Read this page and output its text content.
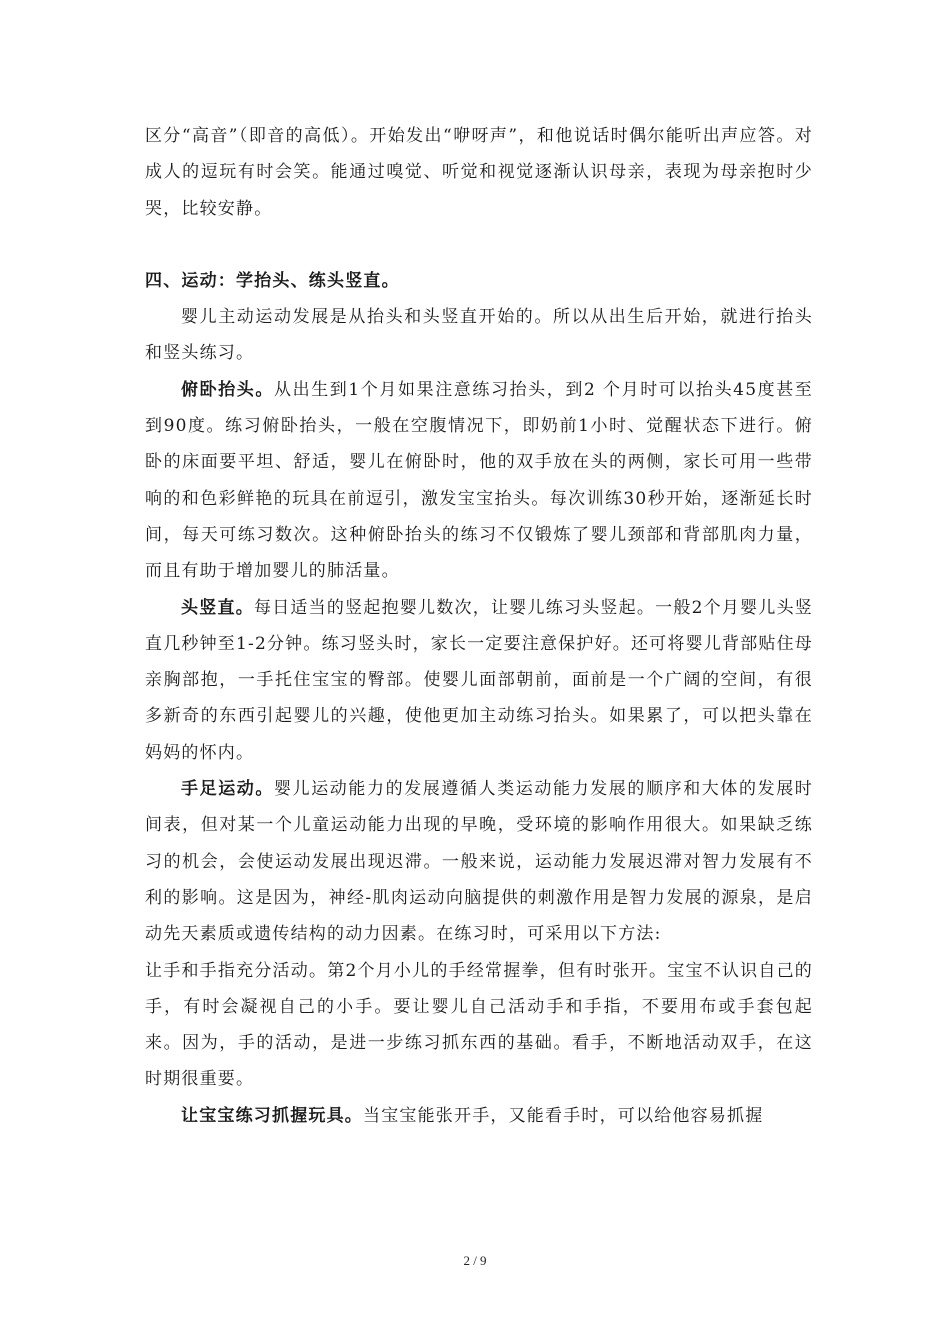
区分“高音”（即音的高低）。开始发出“咿呀声”，和他说话时偶尔能听出声应答。对成人的逗玩有时会笑。能通过嗅觉、听觉和视觉逐渐认识母亲，表现为母亲抱时少哭，比较安静。

四、运动：学抬头、练头竖直。

婴儿主动运动发展是从抬头和头竖直开始的。所以从出生后开始，就进行抬头和竖头练习。

俯卧抬头。从出生到1个月如果注意练习抬头，到2 个月时可以抬头45度甚至到90度。练习俯卧抬头，一般在空腹情况下，即奶前1小时、觉醒状态下进行。俯卧的床面要平坦、舒适，婴儿在俯卧时，他的双手放在头的两侧，家长可用一些带响的和色彩鲜艳的玩具在前逗引，激发宝宝抬头。每次训练30秒开始，逐渐延长时间，每天可练习数次。这种俯卧抬头的练习不仅锻炼了婴儿颈部和背部肌肉力量，而且有助于增加婴儿的肺活量。

头竖直。每日适当的竖起抱婴儿数次，让婴儿练习头竖起。一般2个月婴儿头竖直几秒钟至1-2分钟。练习竖头时，家长一定要注意保护好。还可将婴儿背部贴住母亲胸部抱，一手托住宝宝的臀部。使婴儿面部朝前，面前是一个广阔的空间，有很多新奇的东西引起婴儿的兴趣，使他更加主动练习抬头。如果累了，可以把头靠在妈妈的怀内。

手足运动。婴儿运动能力的发展遵循人类运动能力发展的顺序和大体的发展时间表，但对某一个儿童运动能力出现的早晚，受环境的影响作用很大。如果缺乏练习的机会，会使运动发展出现迟滞。一般来说，运动能力发展迟滞对智力发展有不利的影响。这是因为，神经-肌肉运动向脑提供的刺激作用是智力发展的源泉，是启动先天素质或遗传结构的动力因素。在练习时，可采用以下方法:

让手和手指充分活动。第2个月小儿的手经常握拳，但有时张开。宝宝不认识自己的手，有时会凝视自己的小手。要让婴儿自己活动手和手指，不要用布或手套包起来。因为，手的活动，是进一步练习抓东西的基础。看手，不断地活动双手，在这时期很重要。

让宝宝练习抓握玩具。当宝宝能张开手，又能看手时，可以给他容易抓握

2 / 9
